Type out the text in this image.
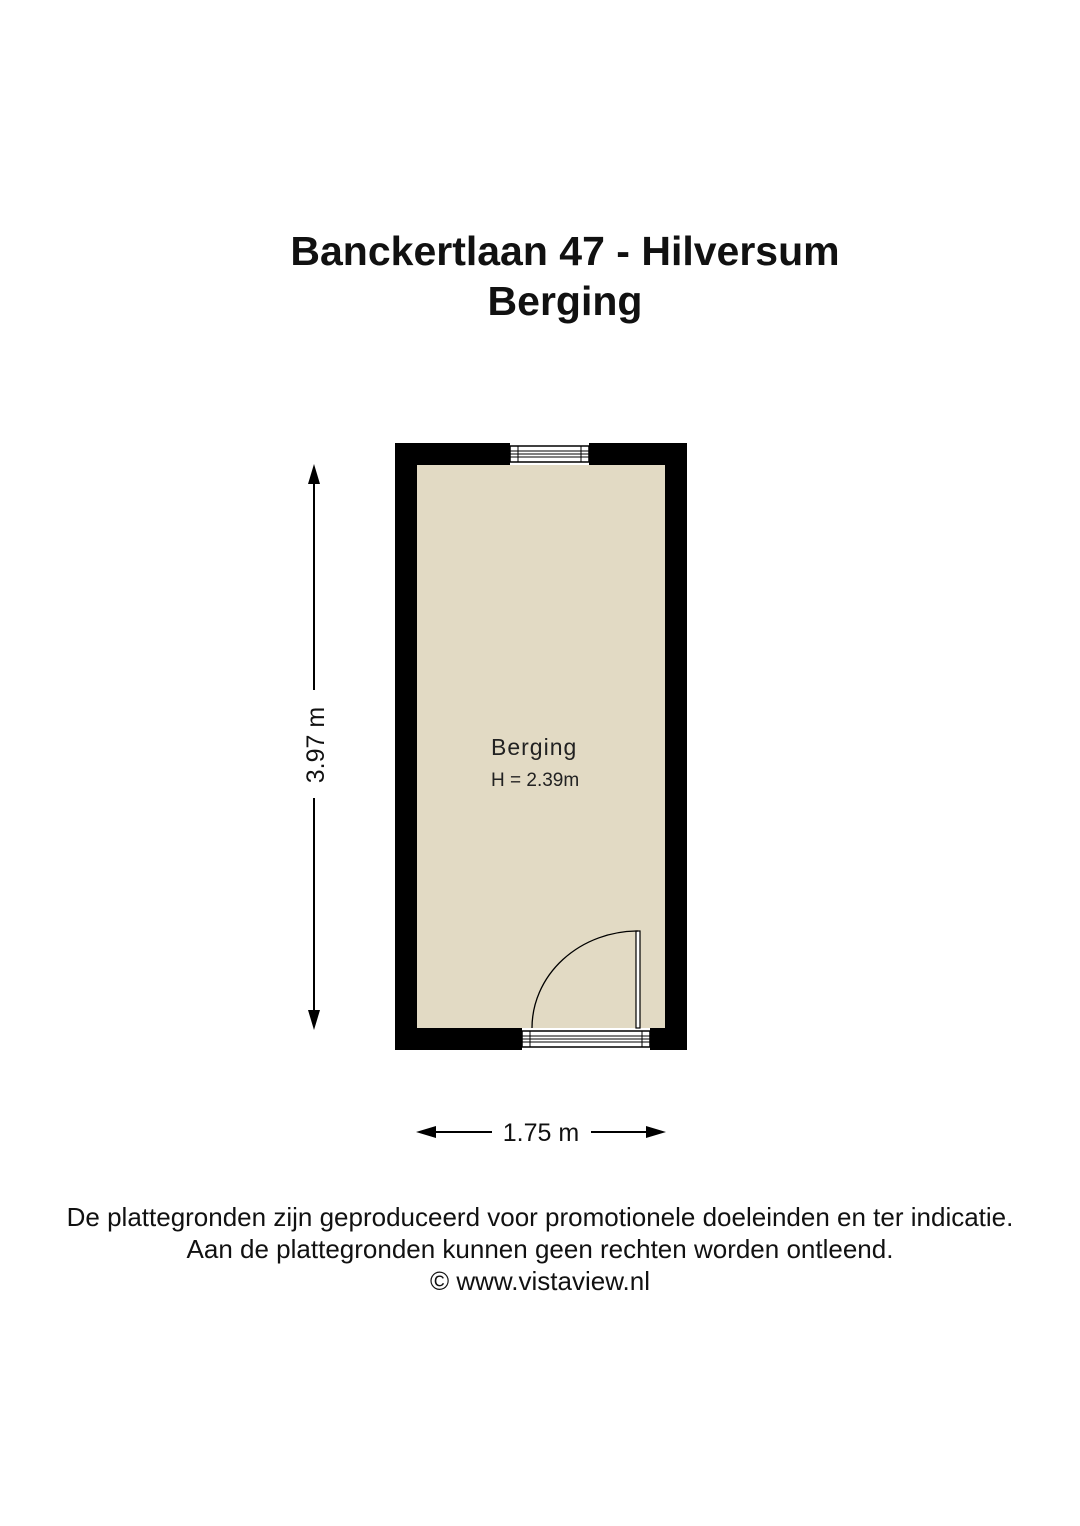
Banckertlaan 47 - Hilversum
Berging
Berging
H = 2.39m
3.97 m
1.75 m
De plattegronden zijn geproduceerd voor promotionele doeleinden en ter indicatie.
Aan de plattegronden kunnen geen rechten worden ontleend.
© www.vistaview.nl
